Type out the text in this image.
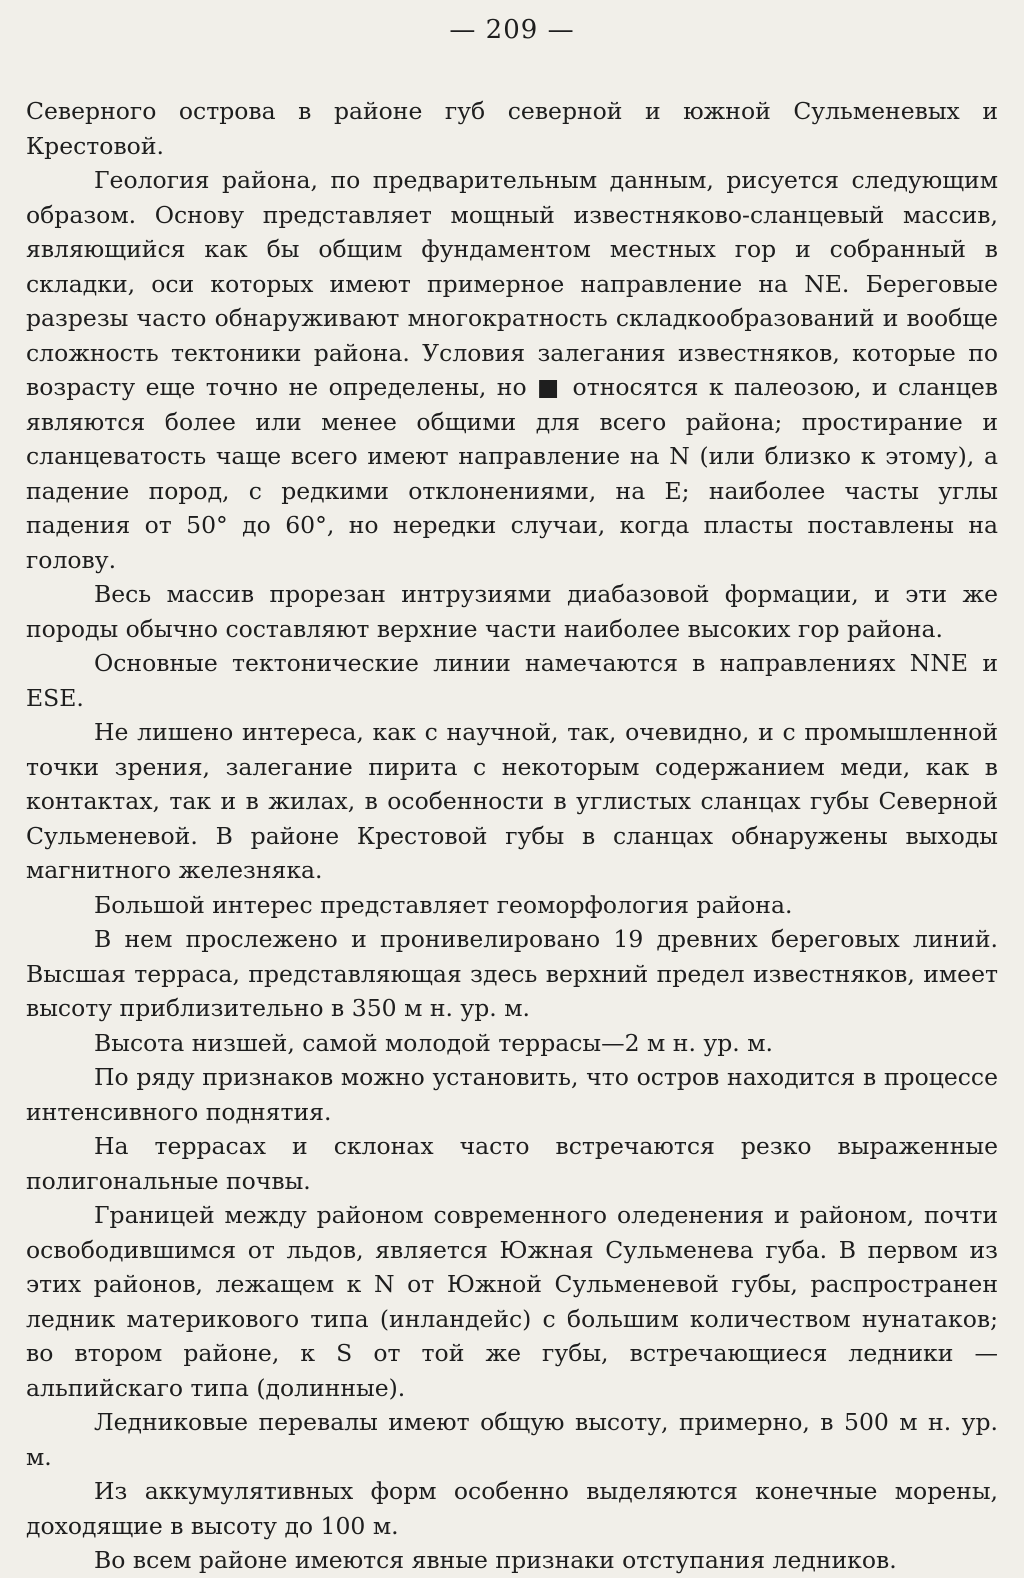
— 209 —

Северного острова в районе губ северной и южной Сульменевых и Крестовой.

Геология района, по предварительным данным, рисуется следующим образом. Основу представляет мощный известняково-сланцевый массив, являющийся как бы общим фундаментом местных гор и собранный в складки, оси которых имеют примерное направление на NE. Береговые разрезы часто обнаруживают многократность складкообразований и вообще сложность тектоники района. Условия залегания известняков, которые по возрасту еще точно не определены, но ■ относятся к палеозою, и сланцев являются более или менее общими для всего района; простирание и сланцеватость чаще всего имеют направление на N (или близко к этому), а падение пород, с редкими отклонениями, на E; наиболее часты углы падения от 50° до 60°, но нередки случаи, когда пласты поставлены на голову.

Весь массив прорезан интрузиями диабазовой формации, и эти же породы обычно составляют верхние части наиболее высоких гор района.

Основные тектонические линии намечаются в направлениях NNE и ESE.

Не лишено интереса, как с научной, так, очевидно, и с промышленной точки зрения, залегание пирита с некоторым содержанием меди, как в контактах, так и в жилах, в особенности в углистых сланцах губы Северной Сульменевой. В районе Крестовой губы в сланцах обнаружены выходы магнитного железняка.

Большой интерес представляет геоморфология района.

В нем прослежено и пронивелировано 19 древних береговых линий. Высшая терраса, представляющая здесь верхний предел известняков, имеет высоту приблизительно в 350 м н. ур. м.

Высота низшей, самой молодой террасы—2 м н. ур. м.

По ряду признаков можно установить, что остров находится в процессе интенсивного поднятия.

На террасах и склонах часто встречаются резко выраженные полигональные почвы.

Границей между районом современного оледенения и районом, почти освободившимся от льдов, является Южная Сульменева губа. В первом из этих районов, лежащем к N от Южной Сульменевой губы, распространен ледник материкового типа (инландейс) с большим количеством нунатаков; во втором районе, к S от той же губы, встречающиеся ледники — альпийскаго типа (долинные).

Ледниковые перевалы имеют общую высоту, примерно, в 500 м н. ур. м.

Из аккумулятивных форм особенно выделяются конечные морены, доходящие в высоту до 100 м.

Во всем районе имеются явные признаки отступания ледников.
